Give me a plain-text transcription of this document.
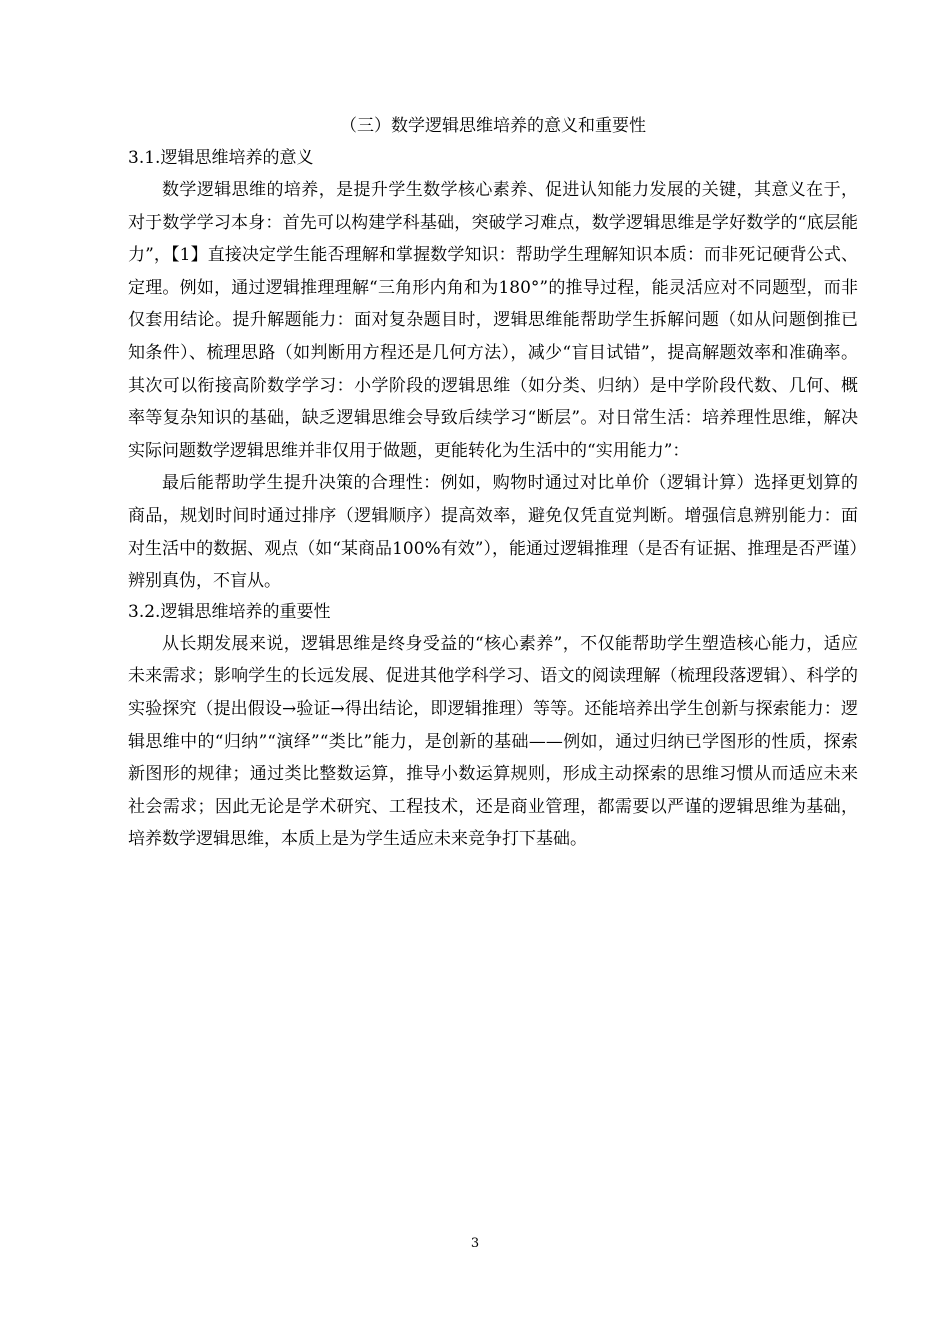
（三）数学逻辑思维培养的意义和重要性
3.1.逻辑思维培养的意义

数学逻辑思维的培养，是提升学生数学核心素养、促进认知能力发展的关键，其意义在于，对于数学学习本身：首先可以构建学科基础，突破学习难点，数学逻辑思维是学好数学的“底层能力”，【1】直接决定学生能否理解和掌握数学知识：帮助学生理解知识本质：而非死记硬背公式、定理。例如，通过逻辑推理理解“三角形内角和为180°”的推导过程，能灵活应对不同题型，而非仅套用结论。提升解题能力：面对复杂题目时，逻辑思维能帮助学生拆解问题（如从问题倒推已知条件）、梳理思路（如判断用方程还是几何方法），减少“盲目试错”，提高解题效率和准确率。其次可以衔接高阶数学学习：小学阶段的逻辑思维（如分类、归纳）是中学阶段代数、几何、概率等复杂知识的基础，缺乏逻辑思维会导致后续学习“断层”。对日常生活：培养理性思维，解决实际问题数学逻辑思维并非仅用于做题，更能转化为生活中的“实用能力”：

最后能帮助学生提升决策的合理性：例如，购物时通过对比单价（逻辑计算）选择更划算的商品，规划时间时通过排序（逻辑顺序）提高效率，避免仅凭直觉判断。增强信息辨别能力：面对生活中的数据、观点（如“某商品100%有效”），能通过逻辑推理（是否有证据、推理是否严谨）辨别真伪，不盲从。

3.2.逻辑思维培养的重要性

从长期发展来说，逻辑思维是终身受益的“核心素养”，不仅能帮助学生塑造核心能力，适应未来需求；影响学生的长远发展、促进其他学科学习、语文的阅读理解（梳理段落逻辑）、科学的实验探究（提出假设→验证→得出结论，即逻辑推理）等等。还能培养出学生创新与探索能力：逻辑思维中的“归纳”“演绎”“类比”能力，是创新的基础——例如，通过归纳已学图形的性质，探索新图形的规律；通过类比整数运算，推导小数运算规则，形成主动探索的思维习惯从而适应未来社会需求；因此无论是学术研究、工程技术，还是商业管理，都需要以严谨的逻辑思维为基础，培养数学逻辑思维，本质上是为学生适应未来竞争打下基础。

3
